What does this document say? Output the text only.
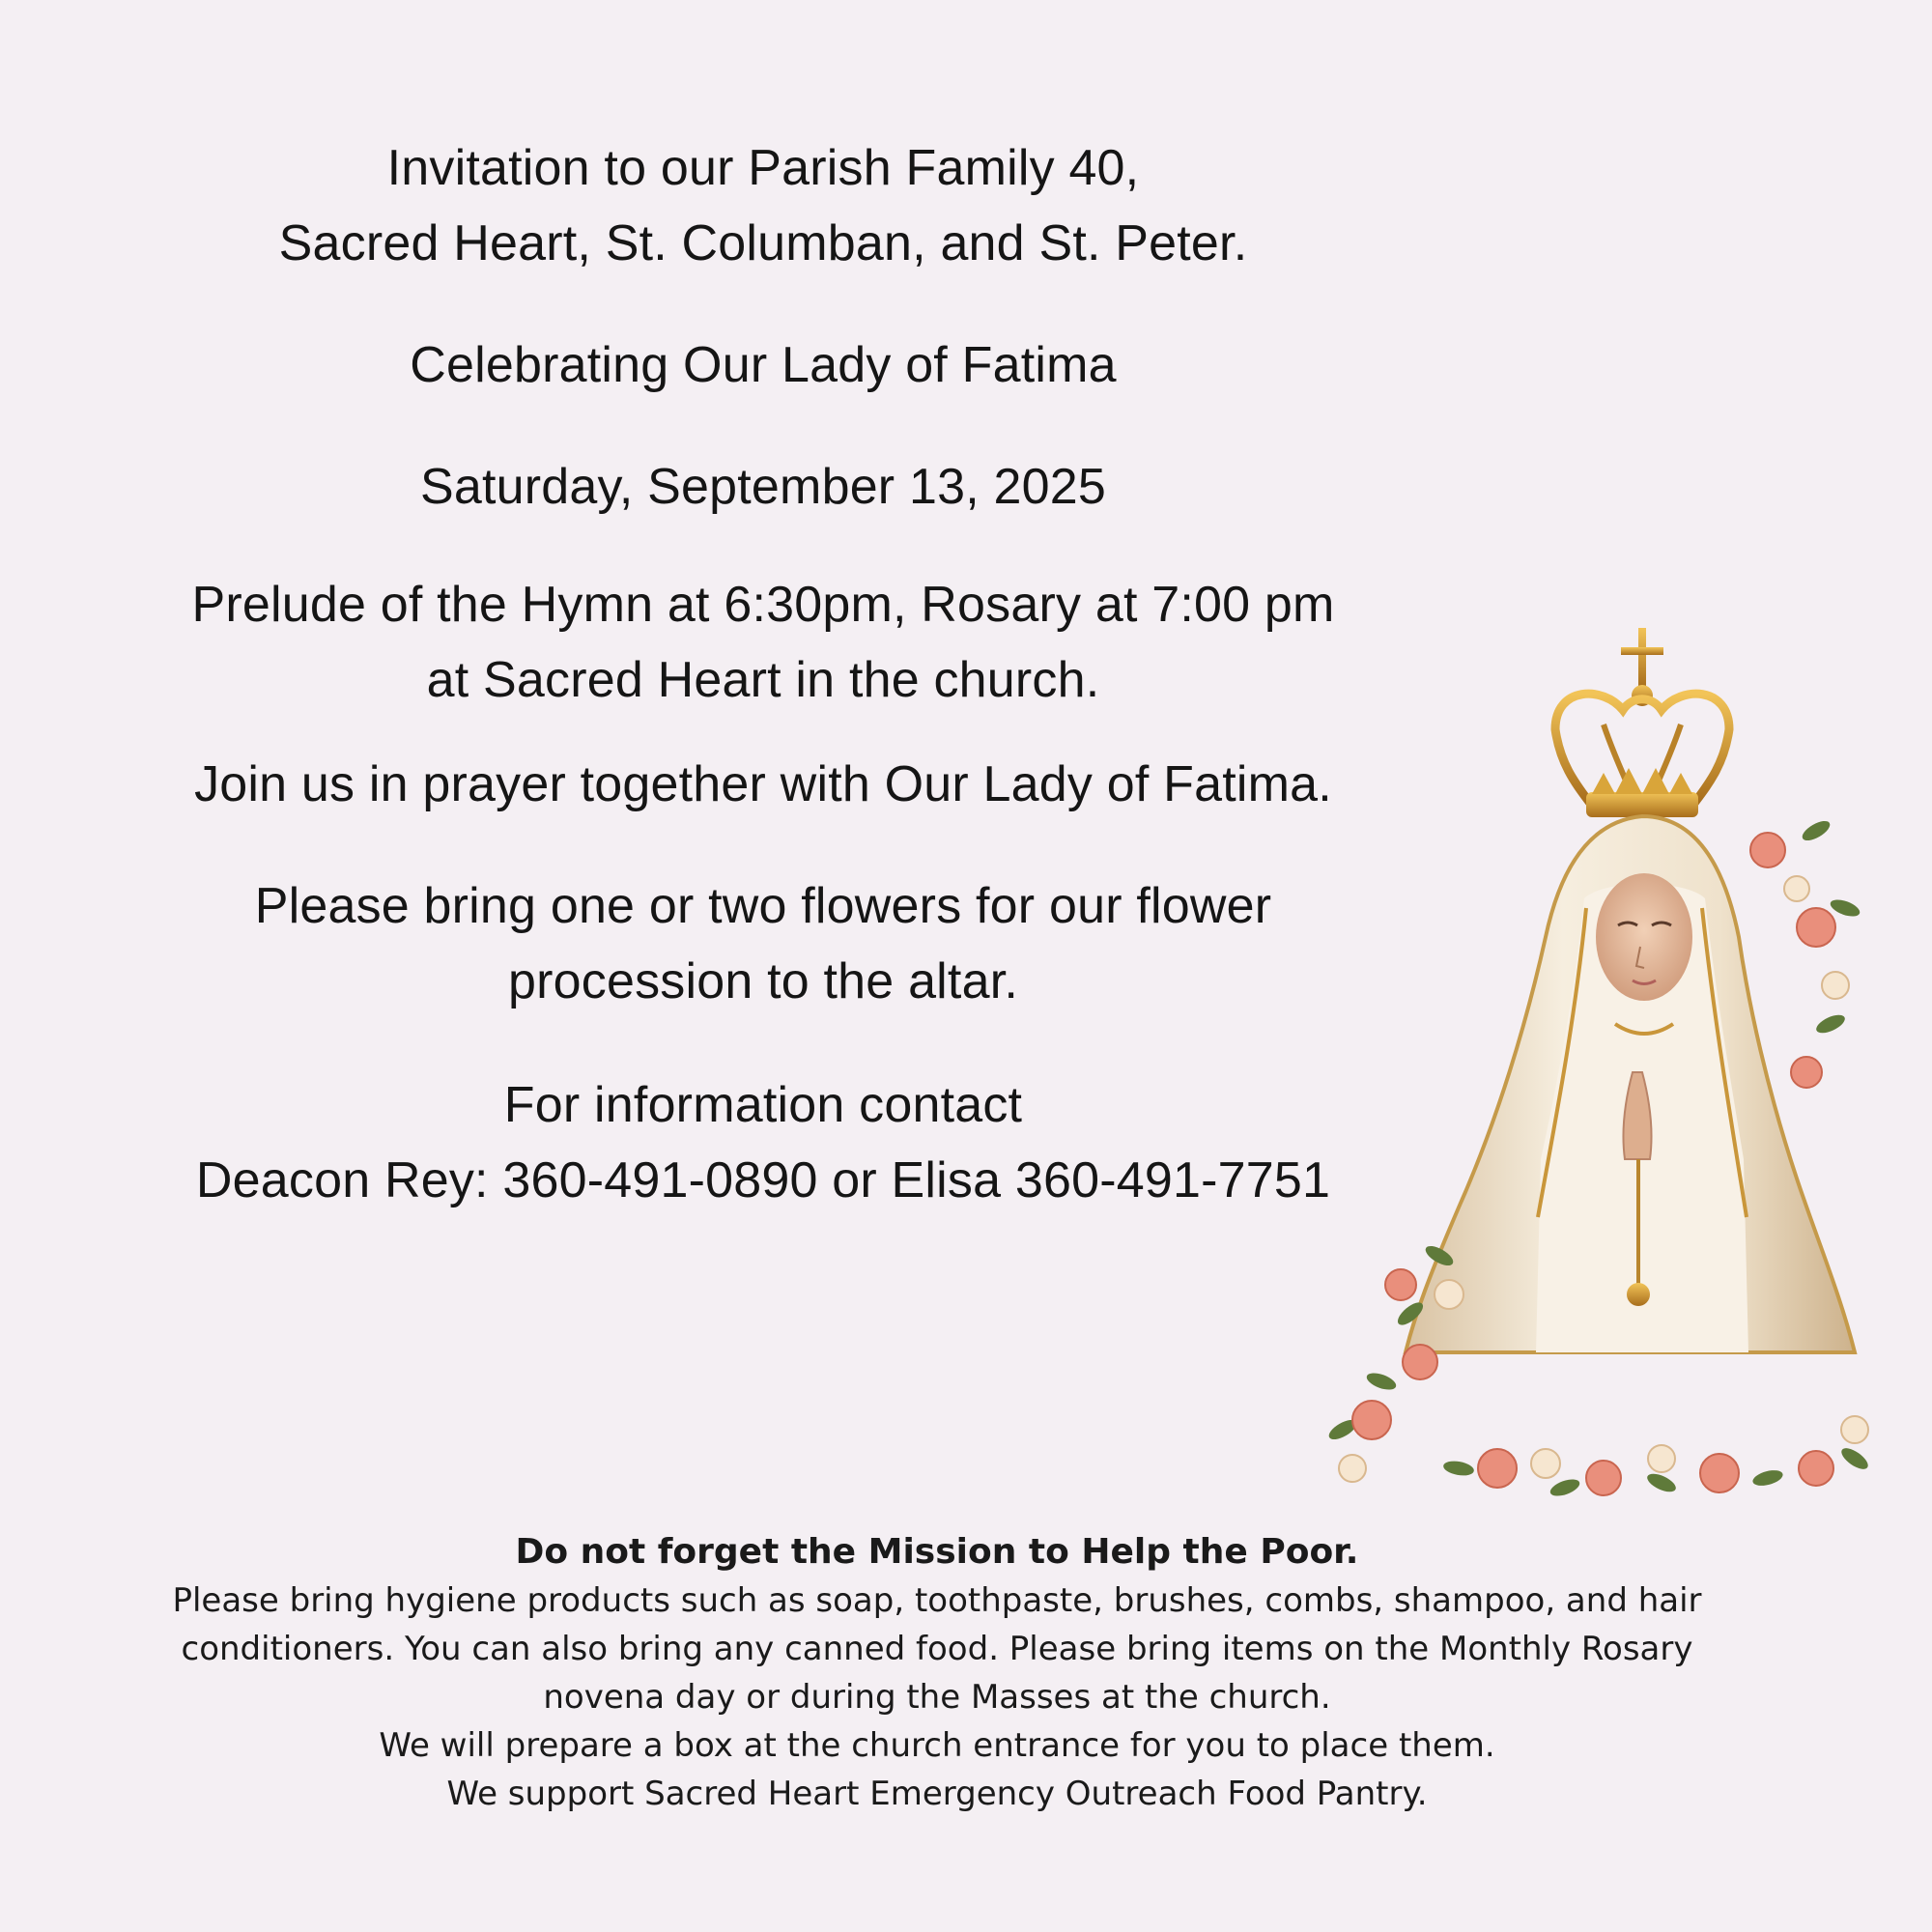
Invitation to our Parish Family 40,
Sacred Heart, St. Columban, and St. Peter.
Celebrating Our Lady of Fatima
Saturday, September 13, 2025
Prelude of the Hymn at 6:30pm, Rosary at 7:00 pm
at Sacred Heart in the church.
Join us in prayer together with Our Lady of Fatima.
Please bring one or two flowers for our flower
procession to the altar.
For information contact
Deacon Rey: 360-491-0890 or Elisa 360-491-7751
Do not forget the Mission to Help the Poor.
Please bring hygiene products such as soap, toothpaste, brushes, combs, shampoo, and hair
conditioners. You can also bring any canned food. Please bring items on the Monthly Rosary
novena day or during the Masses at the church.
We will prepare a box at the church entrance for you to place them.
We support Sacred Heart Emergency Outreach Food Pantry.
